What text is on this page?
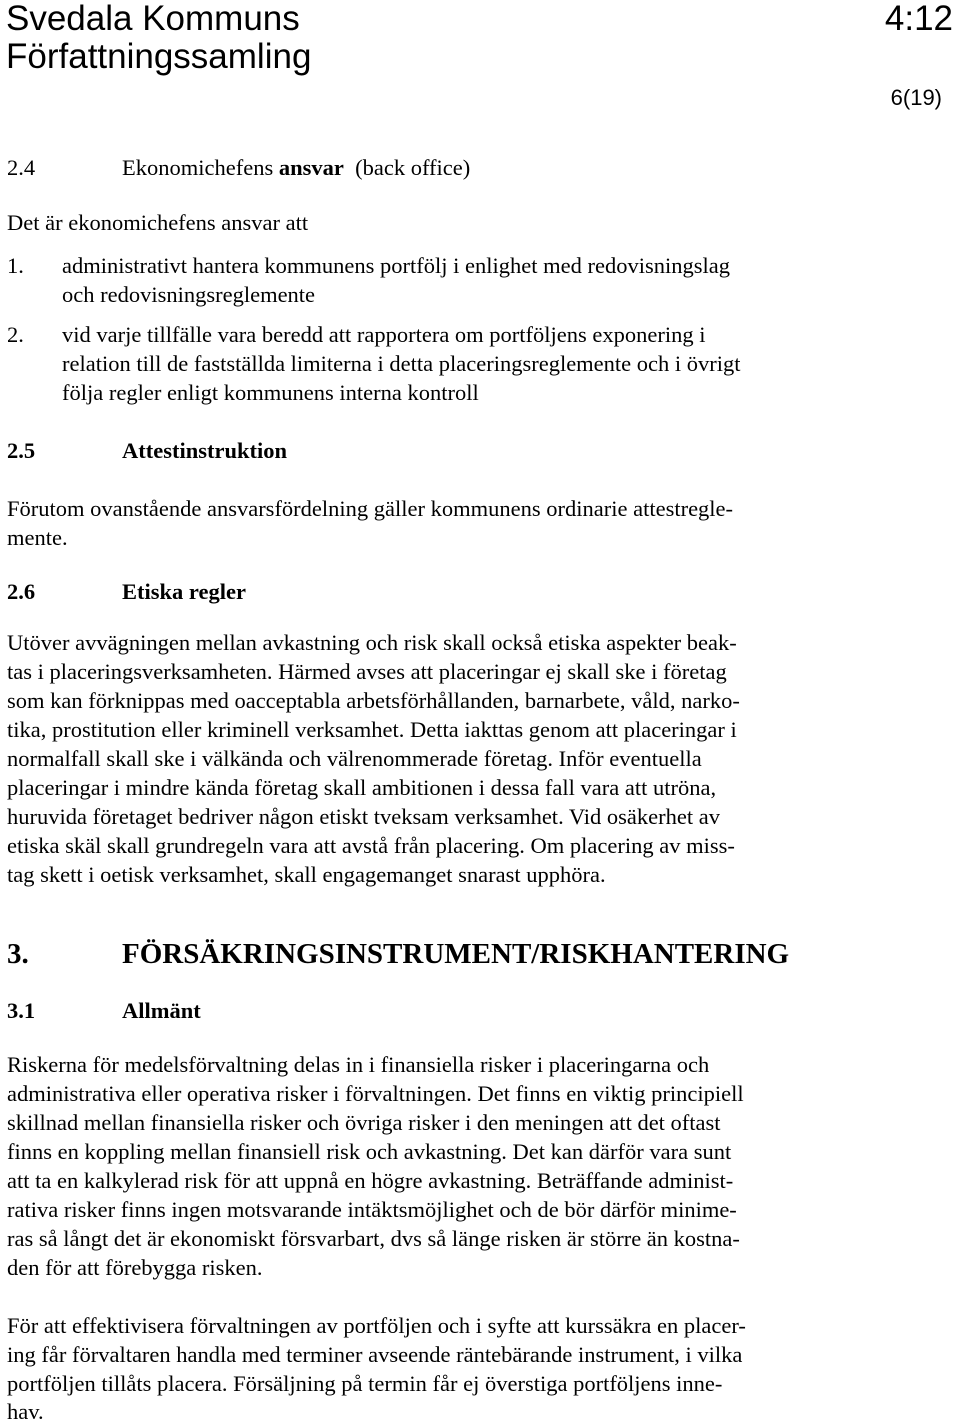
Svedala Kommuns
Författningssamling
4:12
6(19)
2.4	Ekonomichefens ansvar  (back office)
Det är ekonomichefens ansvar att
1. administrativt hantera kommunens portfölj i enlighet med redovisningslag
och redovisningsreglemente
2. vid varje tillfälle vara beredd att rapportera om portföljens exponering i
relation till de fastställda limiterna i detta placeringsreglemente och i övrigt
följa regler enligt kommunens interna kontroll
2.5	Attestinstruktion
Förutom ovanstående ansvarsfördelning gäller kommunens ordinarie attestregle-
mente.
2.6	Etiska regler
Utöver avvägningen mellan avkastning och risk skall också etiska aspekter beak-
tas i placeringsverksamheten. Härmed avses att placeringar ej skall ske i företag
som kan förknippas med oacceptabla arbetsförhållanden, barnarbete, våld, narko-
tika, prostitution eller kriminell verksamhet. Detta iakttas genom att placeringar i
normalfall skall ske i välkända och välrenommerade företag. Inför eventuella
placeringar i mindre kända företag skall ambitionen i dessa fall vara att utröna,
huruvida företaget bedriver någon etiskt tveksam verksamhet. Vid osäkerhet av
etiska skäl skall grundregeln vara att avstå från placering. Om placering av miss-
tag skett i oetisk verksamhet, skall engagemanget snarast upphöra.
3.	FÖRSÄKRINGSINSTRUMENT/RISKHANTERING
3.1	Allmänt
Riskerna för medelsförvaltning delas in i finansiella risker i placeringarna och
administrativa eller operativa risker i förvaltningen. Det finns en viktig principiell
skillnad mellan finansiella risker och övriga risker i den meningen att det oftast
finns en koppling mellan finansiell risk och avkastning. Det kan därför vara sunt
att ta en kalkylerad risk för att uppnå en högre avkastning. Beträffande administ-
rativa risker finns ingen motsvarande intäktsmöjlighet och de bör därför minime-
ras så långt det är ekonomiskt försvarbart, dvs så länge risken är större än kostna-
den för att förebygga risken.
För att effektivisera förvaltningen av portföljen och i syfte att kurssäkra en placer-
ing får förvaltaren handla med terminer avseende räntebärande instrument, i vilka
portföljen tillåts placera. Försäljning på termin får ej överstiga portföljens inne-
hav.
